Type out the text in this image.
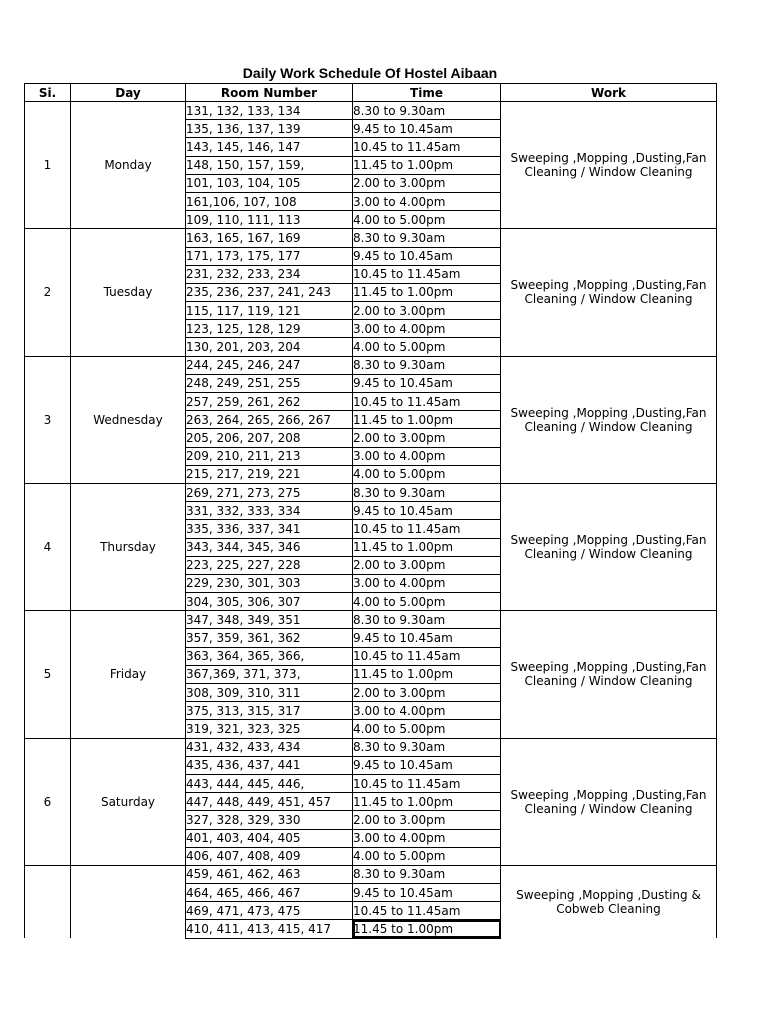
Daily Work Schedule Of Hostel Aibaan
Si.	Day	Room Number	Time	Work
1	Monday	131, 132, 133, 134	8.30 to 9.30am	Sweeping ,Mopping ,Dusting,Fan Cleaning / Window Cleaning
		135, 136, 137, 139	9.45 to 10.45am	
		143, 145, 146, 147	10.45 to 11.45am	
		148, 150, 157, 159,	11.45 to 1.00pm	
		101, 103, 104, 105	2.00 to 3.00pm	
		161,106, 107, 108	3.00 to 4.00pm	
		109, 110, 111, 113	4.00 to 5.00pm	
2	Tuesday	163, 165, 167, 169	8.30 to 9.30am	Sweeping ,Mopping ,Dusting,Fan Cleaning / Window Cleaning
		171, 173, 175, 177	9.45 to 10.45am	
		231, 232, 233, 234	10.45 to 11.45am	
		235, 236, 237, 241, 243	11.45 to 1.00pm	
		115, 117, 119, 121	2.00 to 3.00pm	
		123, 125, 128, 129	3.00 to 4.00pm	
		130, 201, 203, 204	4.00 to 5.00pm	
3	Wednesday	244, 245, 246, 247	8.30 to 9.30am	Sweeping ,Mopping ,Dusting,Fan Cleaning / Window Cleaning
		248, 249, 251, 255	9.45 to 10.45am	
		257, 259, 261, 262	10.45 to 11.45am	
		263, 264, 265, 266, 267	11.45 to 1.00pm	
		205, 206, 207, 208	2.00 to 3.00pm	
		209, 210, 211, 213	3.00 to 4.00pm	
		215, 217, 219, 221	4.00 to 5.00pm	
4	Thursday	269, 271, 273, 275	8.30 to 9.30am	Sweeping ,Mopping ,Dusting,Fan Cleaning / Window Cleaning
		331, 332, 333, 334	9.45 to 10.45am	
		335, 336, 337, 341	10.45 to 11.45am	
		343, 344, 345, 346	11.45 to 1.00pm	
		223, 225, 227, 228	2.00 to 3.00pm	
		229, 230, 301, 303	3.00 to 4.00pm	
		304, 305, 306, 307	4.00 to 5.00pm	
5	Friday	347, 348, 349, 351	8.30 to 9.30am	Sweeping ,Mopping ,Dusting,Fan Cleaning / Window Cleaning
		357, 359, 361, 362	9.45 to 10.45am	
		363, 364, 365, 366,	10.45 to 11.45am	
		367,369, 371, 373,	11.45 to 1.00pm	
		308, 309, 310, 311	2.00 to 3.00pm	
		375, 313, 315, 317	3.00 to 4.00pm	
		319, 321, 323, 325	4.00 to 5.00pm	
6	Saturday	431, 432, 433, 434	8.30 to 9.30am	Sweeping ,Mopping ,Dusting,Fan Cleaning / Window Cleaning
		435, 436, 437, 441	9.45 to 10.45am	
		443, 444, 445, 446,	10.45 to 11.45am	
		447, 448, 449, 451, 457	11.45 to 1.00pm	
		327, 328, 329, 330	2.00 to 3.00pm	
		401, 403, 404, 405	3.00 to 4.00pm	
		406, 407, 408, 409	4.00 to 5.00pm	
		459, 461, 462, 463	8.30 to 9.30am	Sweeping ,Mopping ,Dusting & Cobweb Cleaning
		464, 465, 466, 467	9.45 to 10.45am	
		469, 471, 473, 475	10.45 to 11.45am	
		410, 411, 413, 415, 417	11.45 to 1.00pm	
